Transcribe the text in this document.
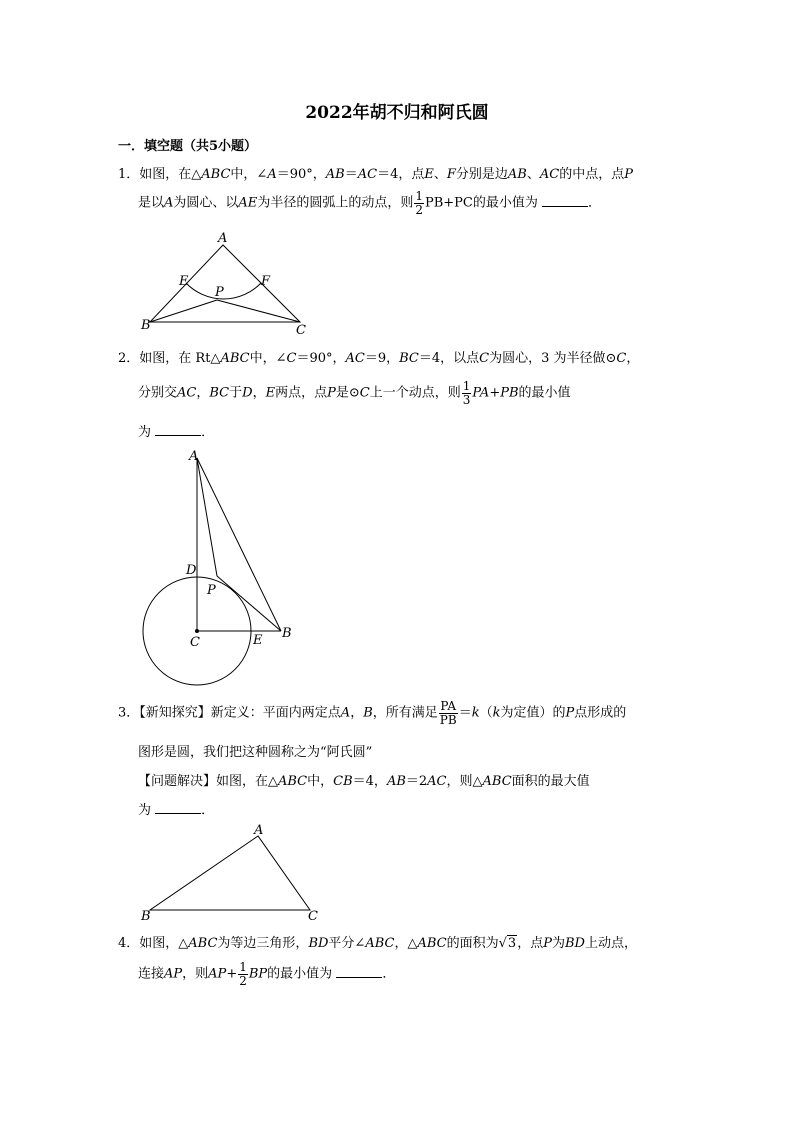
2022年胡不归和阿氏圆
一．填空题（共5小题）
1．如图，在△ABC中，∠A＝90°，AB＝AC＝4，点E、F分别是边AB、AC的中点，点P
是以A为圆心、以AE为半径的圆弧上的动点，则 $\frac{1}{2} PB+PC$的最小值为	．
A
B	C
E	F
P
2．如图，在 Rt△ABC中，∠C＝90°，AC＝9，BC＝4，以点C为圆心，3 为半径做⊙C，
分别交AC，BC于D，E两点，点P是⊙C上一个动点，则 $\frac{1}{3} PA+PB$的最小值
为	．
A
B
C
D
E
P
3．【新知探究】新定义：平面内两定点A，B，所有满足 $\frac{PA}{PB} =k(k$为定值）的P点形成的
图形是圆，我们把这种圆称之为“阿氏圆”
【问题解决】如图，在△ABC中，CB＝4，AB＝2AC，则△ABC面积的最大值
为	．
A
B	C
4．如图，△ABC为等边三角形，BD平分∠ABC，△ABC的面积为√3，点P为BD上动点，
连接AP，则$AP+ \frac{1}{2}$ BP的最小值为	．
